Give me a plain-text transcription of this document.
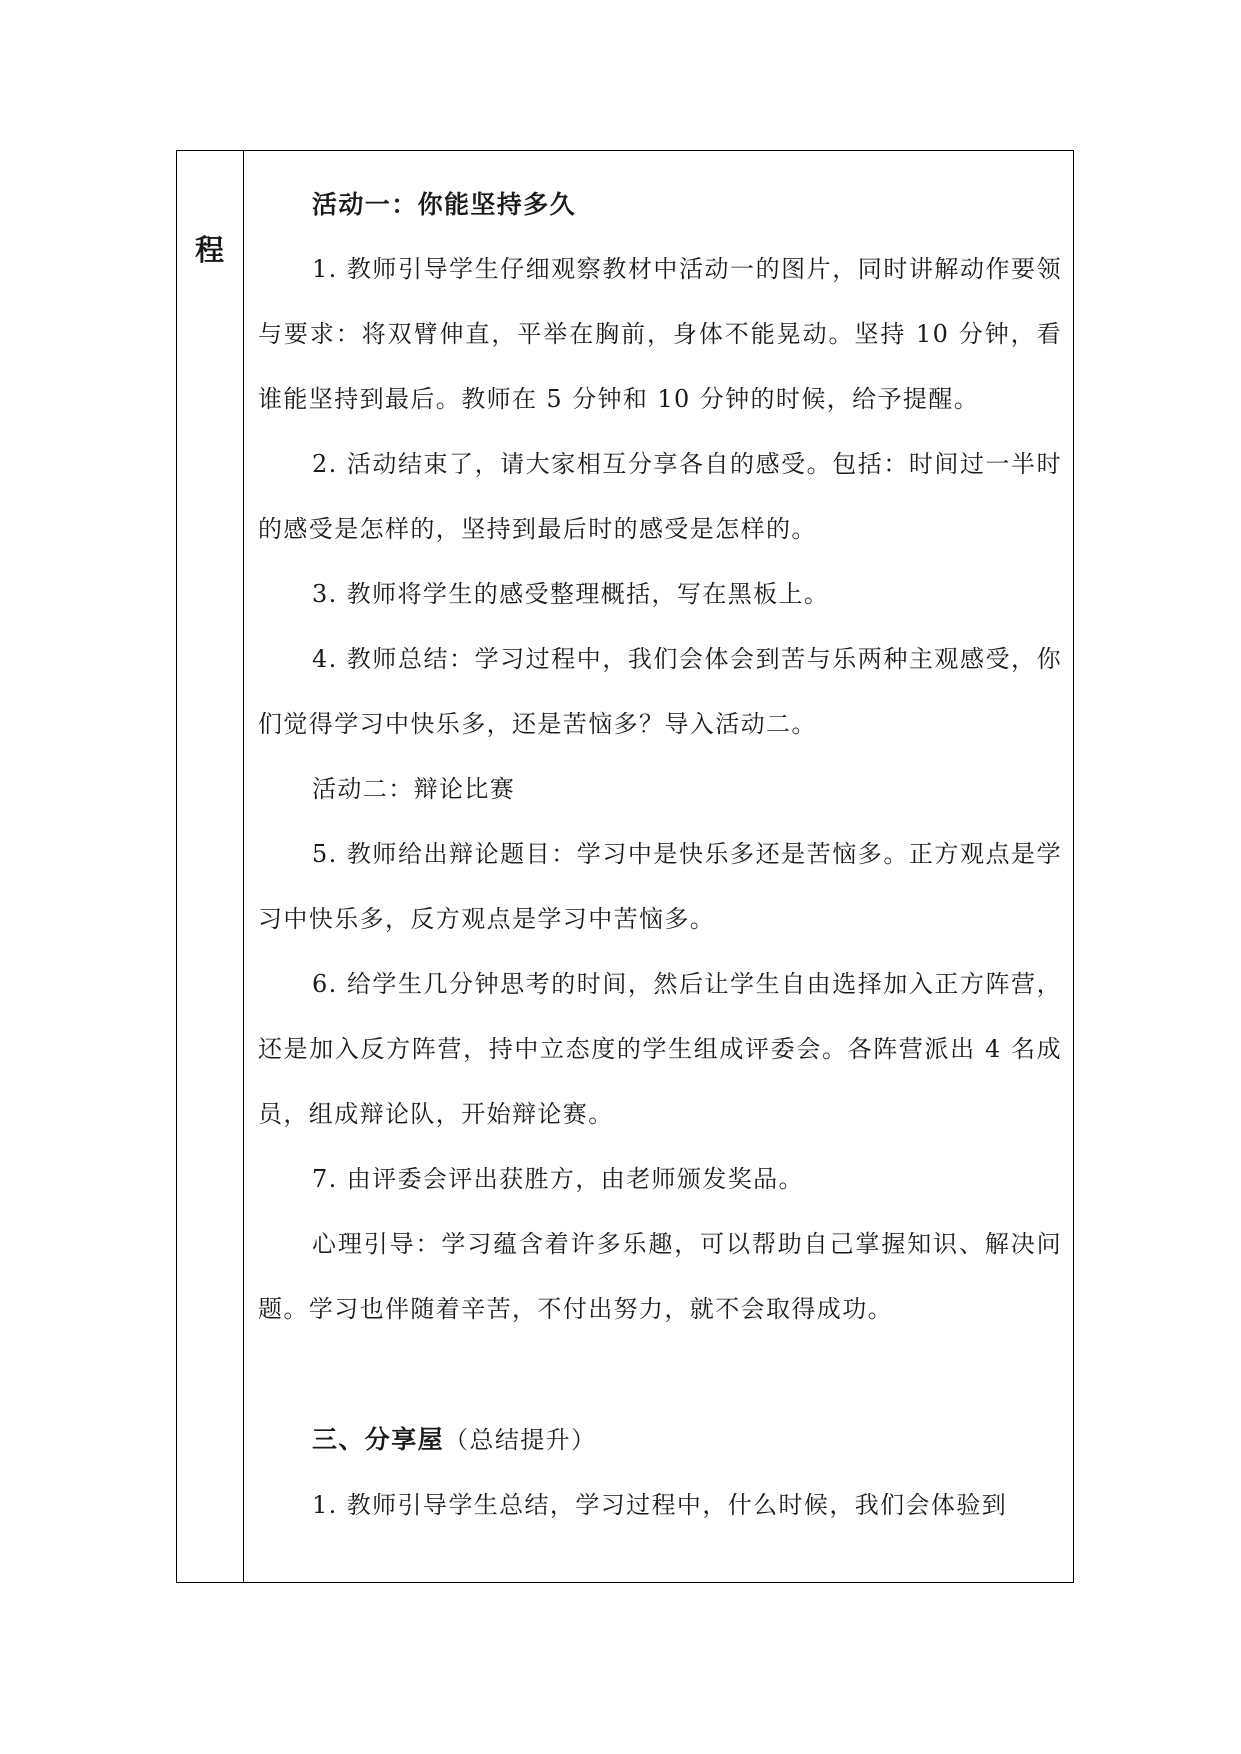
程

活动一：你能坚持多久

1. 教师引导学生仔细观察教材中活动一的图片，同时讲解动作要领与要求：将双臂伸直，平举在胸前，身体不能晃动。坚持 10 分钟，看谁能坚持到最后。教师在 5 分钟和 10 分钟的时候，给予提醒。

2. 活动结束了，请大家相互分享各自的感受。包括：时间过一半时的感受是怎样的，坚持到最后时的感受是怎样的。

3. 教师将学生的感受整理概括，写在黑板上。

4. 教师总结：学习过程中，我们会体会到苦与乐两种主观感受，你们觉得学习中快乐多，还是苦恼多？导入活动二。

活动二：辩论比赛

5. 教师给出辩论题目：学习中是快乐多还是苦恼多。正方观点是学习中快乐多，反方观点是学习中苦恼多。

6. 给学生几分钟思考的时间，然后让学生自由选择加入正方阵营，还是加入反方阵营，持中立态度的学生组成评委会。各阵营派出 4 名成员，组成辩论队，开始辩论赛。

7. 由评委会评出获胜方，由老师颁发奖品。

心理引导：学习蕴含着许多乐趣，可以帮助自己掌握知识、解决问题。学习也伴随着辛苦，不付出努力，就不会取得成功。

三、分享屋（总结提升）

1. 教师引导学生总结，学习过程中，什么时候，我们会体验到
